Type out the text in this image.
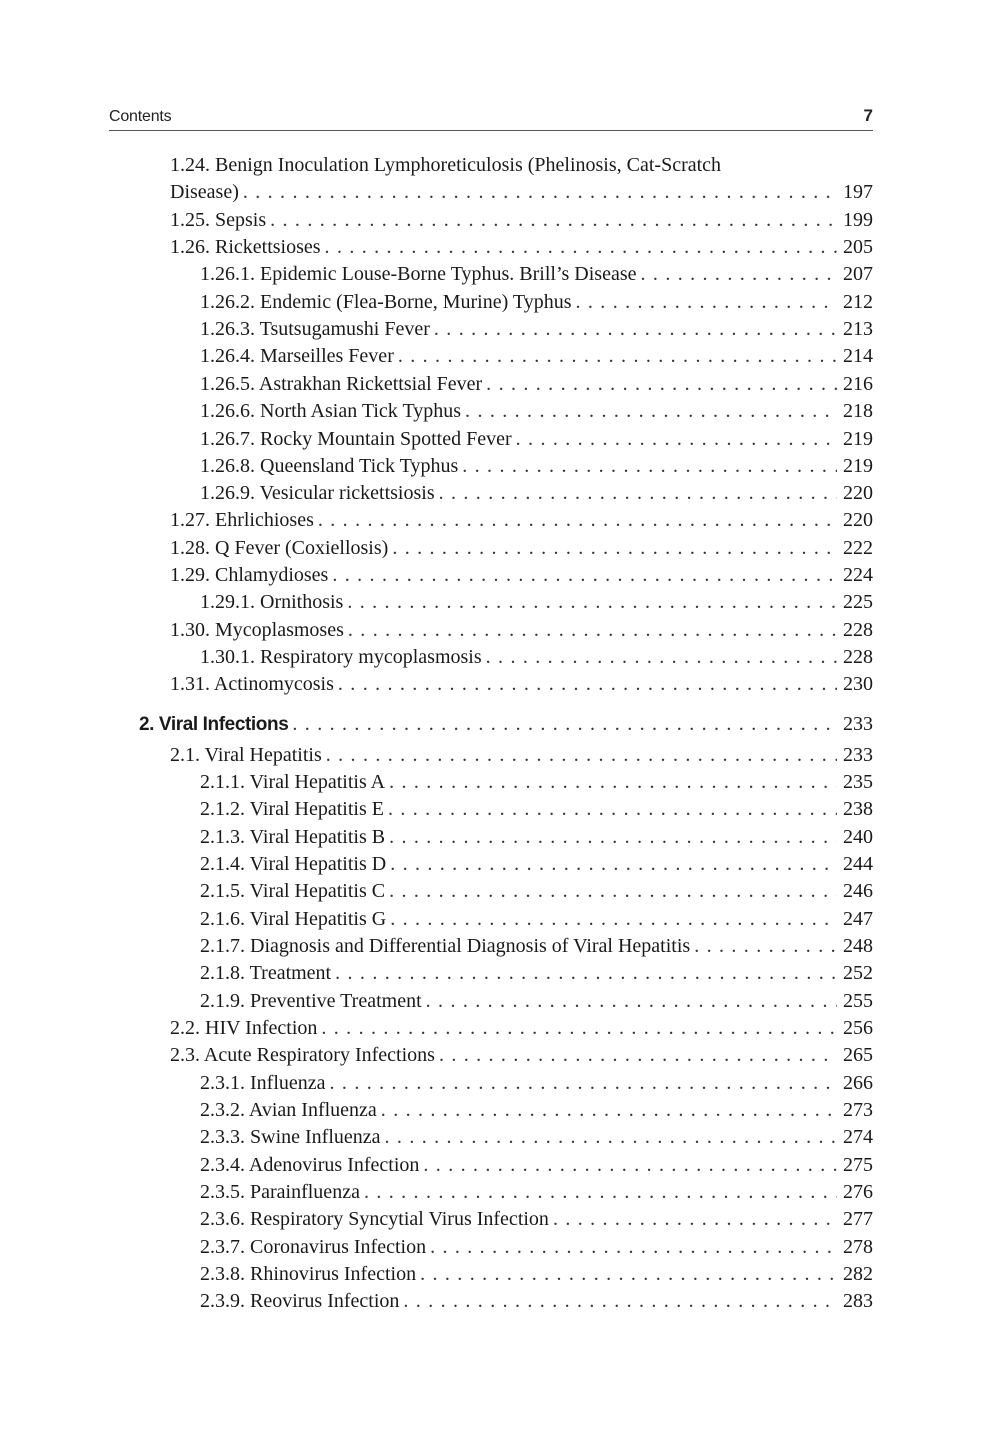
Contents	7
1.24. Benign Inoculation Lymphoreticulosis (Phelinosis, Cat-Scratch
Disease) . . .	197
1.25. Sepsis . . .	199
1.26. Rickettsioses . . .	205
1.26.1. Epidemic Louse-Borne Typhus. Brill’s Disease . . .	207
1.26.2. Endemic (Flea-Borne, Murine) Typhus . . .	212
1.26.3. Tsutsugamushi Fever . . .	213
1.26.4. Marseilles Fever . . .	214
1.26.5. Astrakhan Rickettsial Fever . . .	216
1.26.6. North Asian Tick Typhus . . .	218
1.26.7. Rocky Mountain Spotted Fever . . .	219
1.26.8. Queensland Tick Typhus . . .	219
1.26.9. Vesicular rickettsiosis . . .	220
1.27. Ehrlichioses . . .	220
1.28. Q Fever (Coxiellosis) . . .	222
1.29. Chlamydioses . . .	224
1.29.1. Ornithosis . . .	225
1.30. Mycoplasmoses . . .	228
1.30.1. Respiratory mycoplasmosis . . .	228
1.31. Actinomycosis . . .	230
2. Viral Infections . . .	233
2.1. Viral Hepatitis . . .	233
2.1.1. Viral Hepatitis A . . .	235
2.1.2. Viral Hepatitis E . . .	238
2.1.3. Viral Hepatitis B . . .	240
2.1.4. Viral Hepatitis D . . .	244
2.1.5. Viral Hepatitis C . . .	246
2.1.6. Viral Hepatitis G . . .	247
2.1.7. Diagnosis and Differential Diagnosis of Viral Hepatitis . . .	248
2.1.8. Treatment . . .	252
2.1.9. Preventive Treatment . . .	255
2.2. HIV Infection . . .	256
2.3. Acute Respiratory Infections . . .	265
2.3.1. Influenza . . .	266
2.3.2. Avian Influenza . . .	273
2.3.3. Swine Influenza . . .	274
2.3.4. Adenovirus Infection . . .	275
2.3.5. Parainfluenza . . .	276
2.3.6. Respiratory Syncytial Virus Infection . . .	277
2.3.7. Coronavirus Infection . . .	278
2.3.8. Rhinovirus Infection . . .	282
2.3.9. Reovirus Infection . . .	283
